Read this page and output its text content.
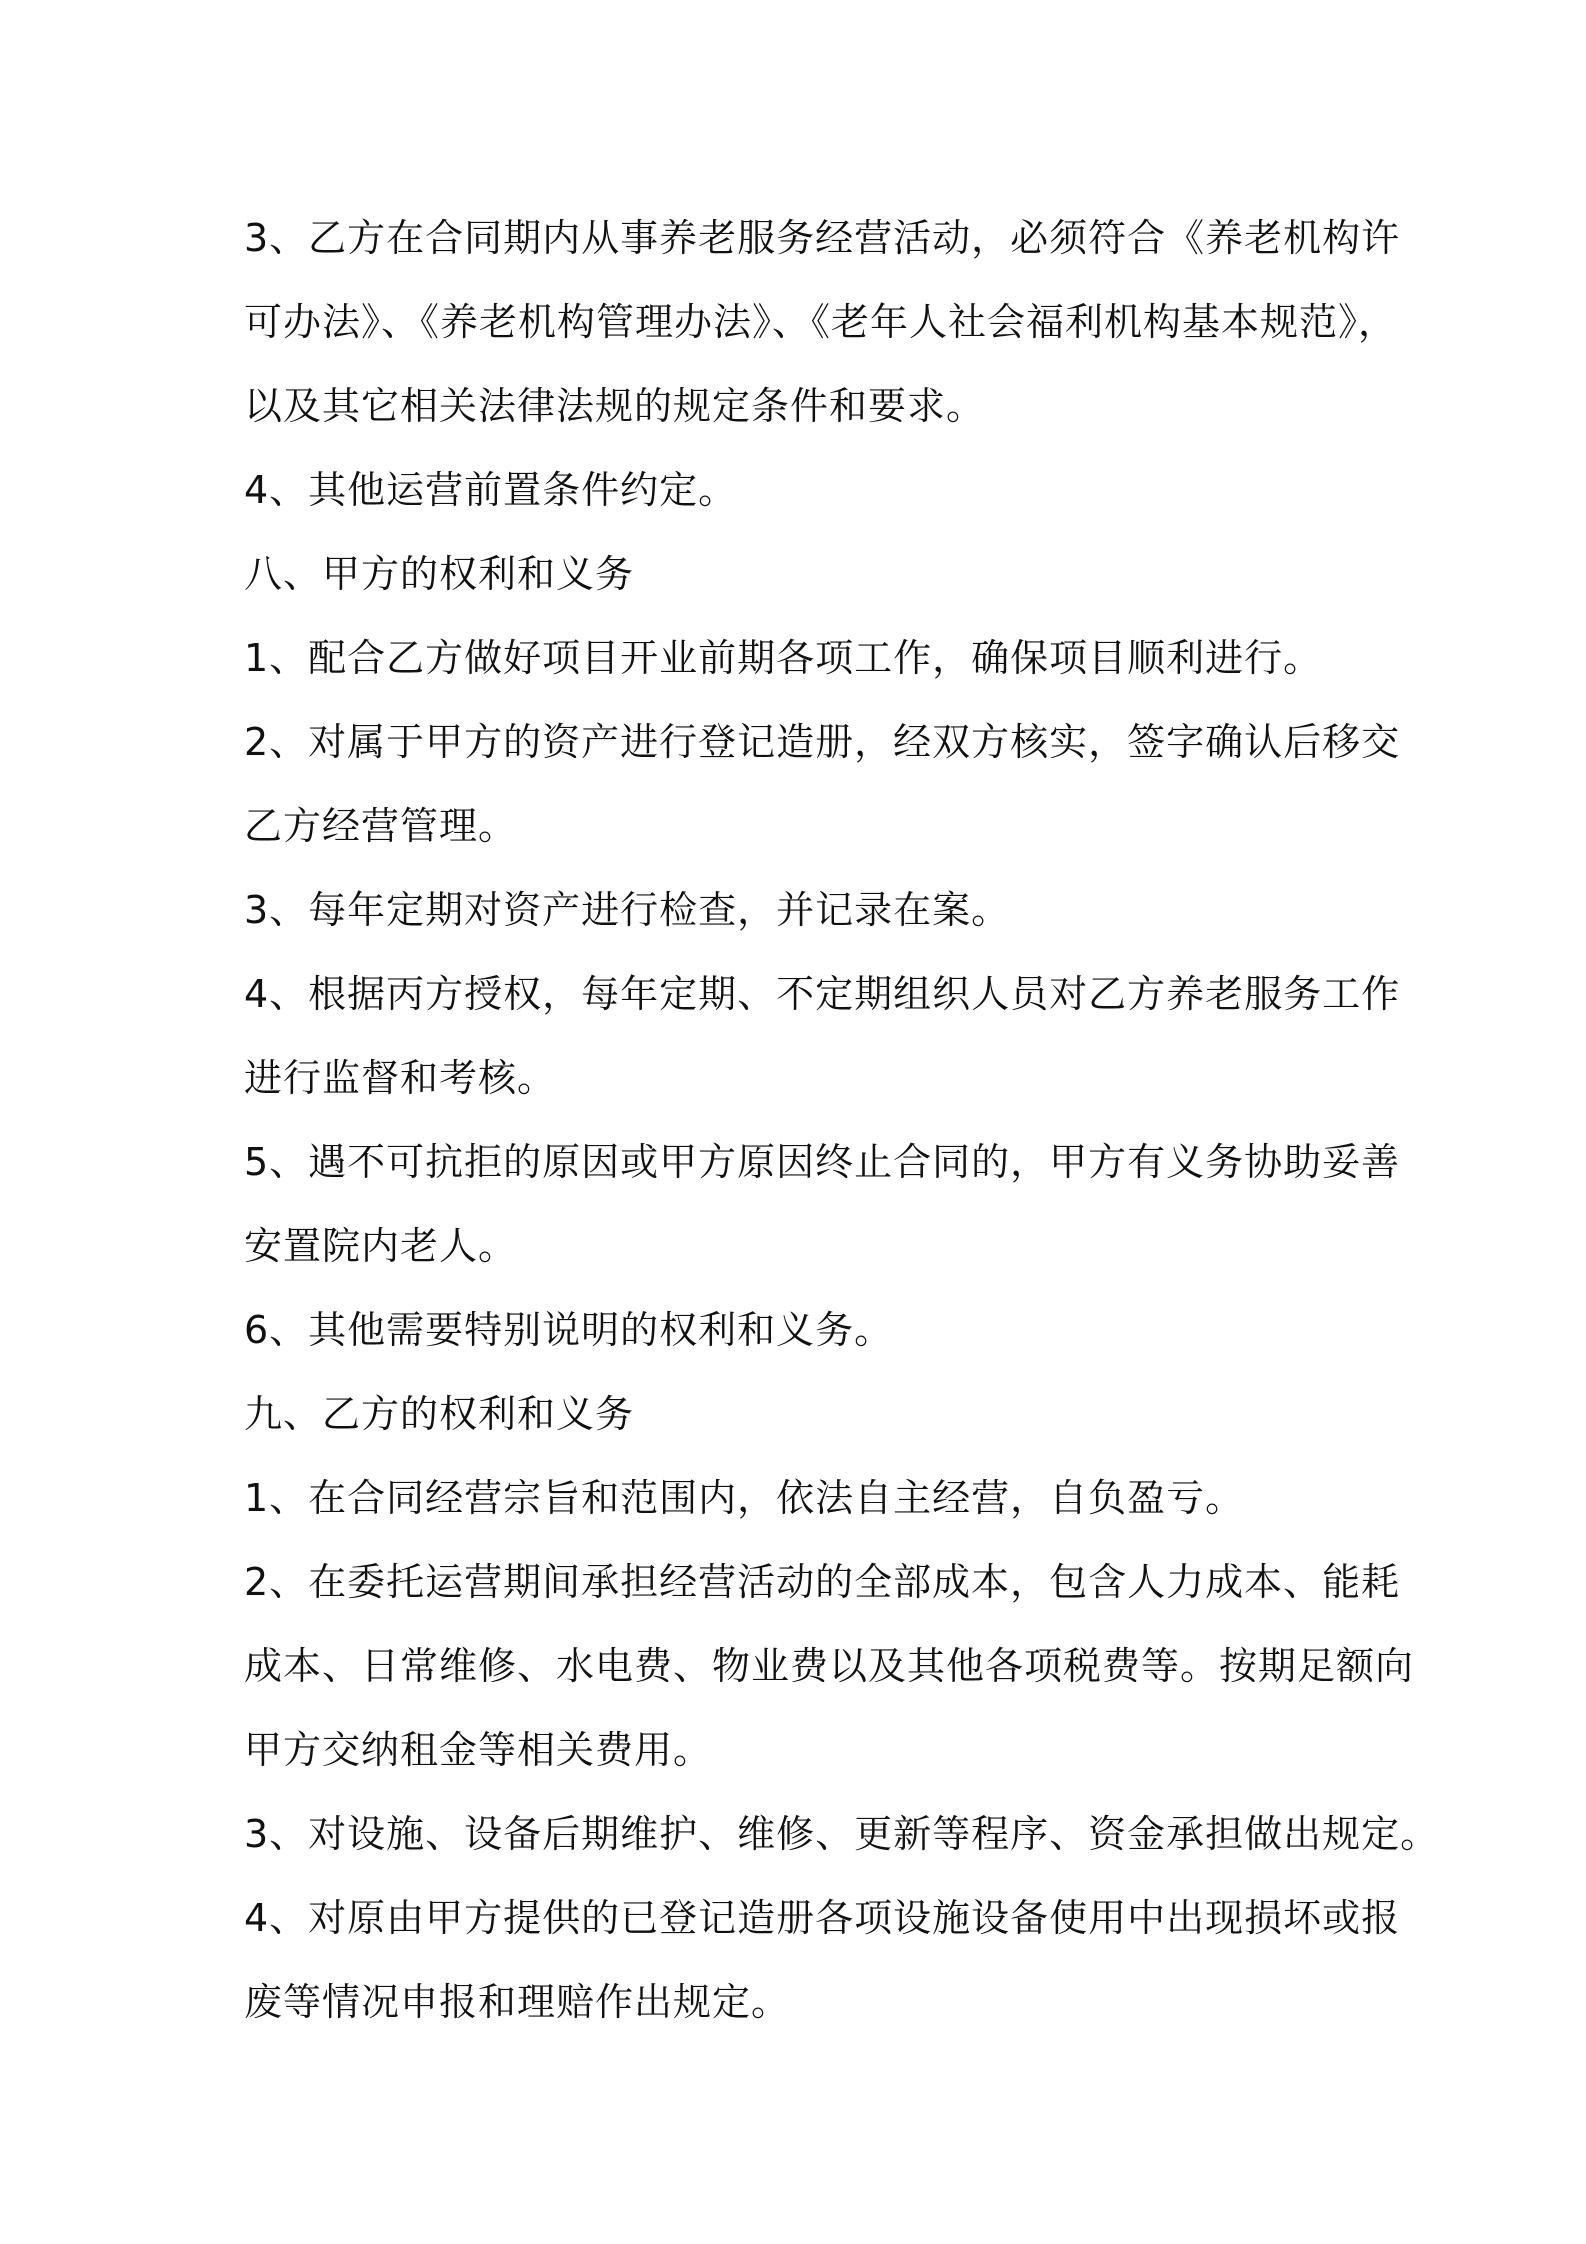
3、乙方在合同期内从事养老服务经营活动，必须符合《养老机构许
可办法》、《养老机构管理办法》、《老年人社会福利机构基本规范》，
以及其它相关法律法规的规定条件和要求。
4、其他运营前置条件约定。
八、甲方的权利和义务
1、配合乙方做好项目开业前期各项工作，确保项目顺利进行。
2、对属于甲方的资产进行登记造册，经双方核实，签字确认后移交
乙方经营管理。
3、每年定期对资产进行检查，并记录在案。
4、根据丙方授权，每年定期、不定期组织人员对乙方养老服务工作
进行监督和考核。
5、遇不可抗拒的原因或甲方原因终止合同的，甲方有义务协助妥善
安置院内老人。
6、其他需要特别说明的权利和义务。
九、乙方的权利和义务
1、在合同经营宗旨和范围内，依法自主经营，自负盈亏。
2、在委托运营期间承担经营活动的全部成本，包含人力成本、能耗
成本、日常维修、水电费、物业费以及其他各项税费等。按期足额向
甲方交纳租金等相关费用。
3、对设施、设备后期维护、维修、更新等程序、资金承担做出规定。
4、对原由甲方提供的已登记造册各项设施设备使用中出现损坏或报
废等情况申报和理赔作出规定。
